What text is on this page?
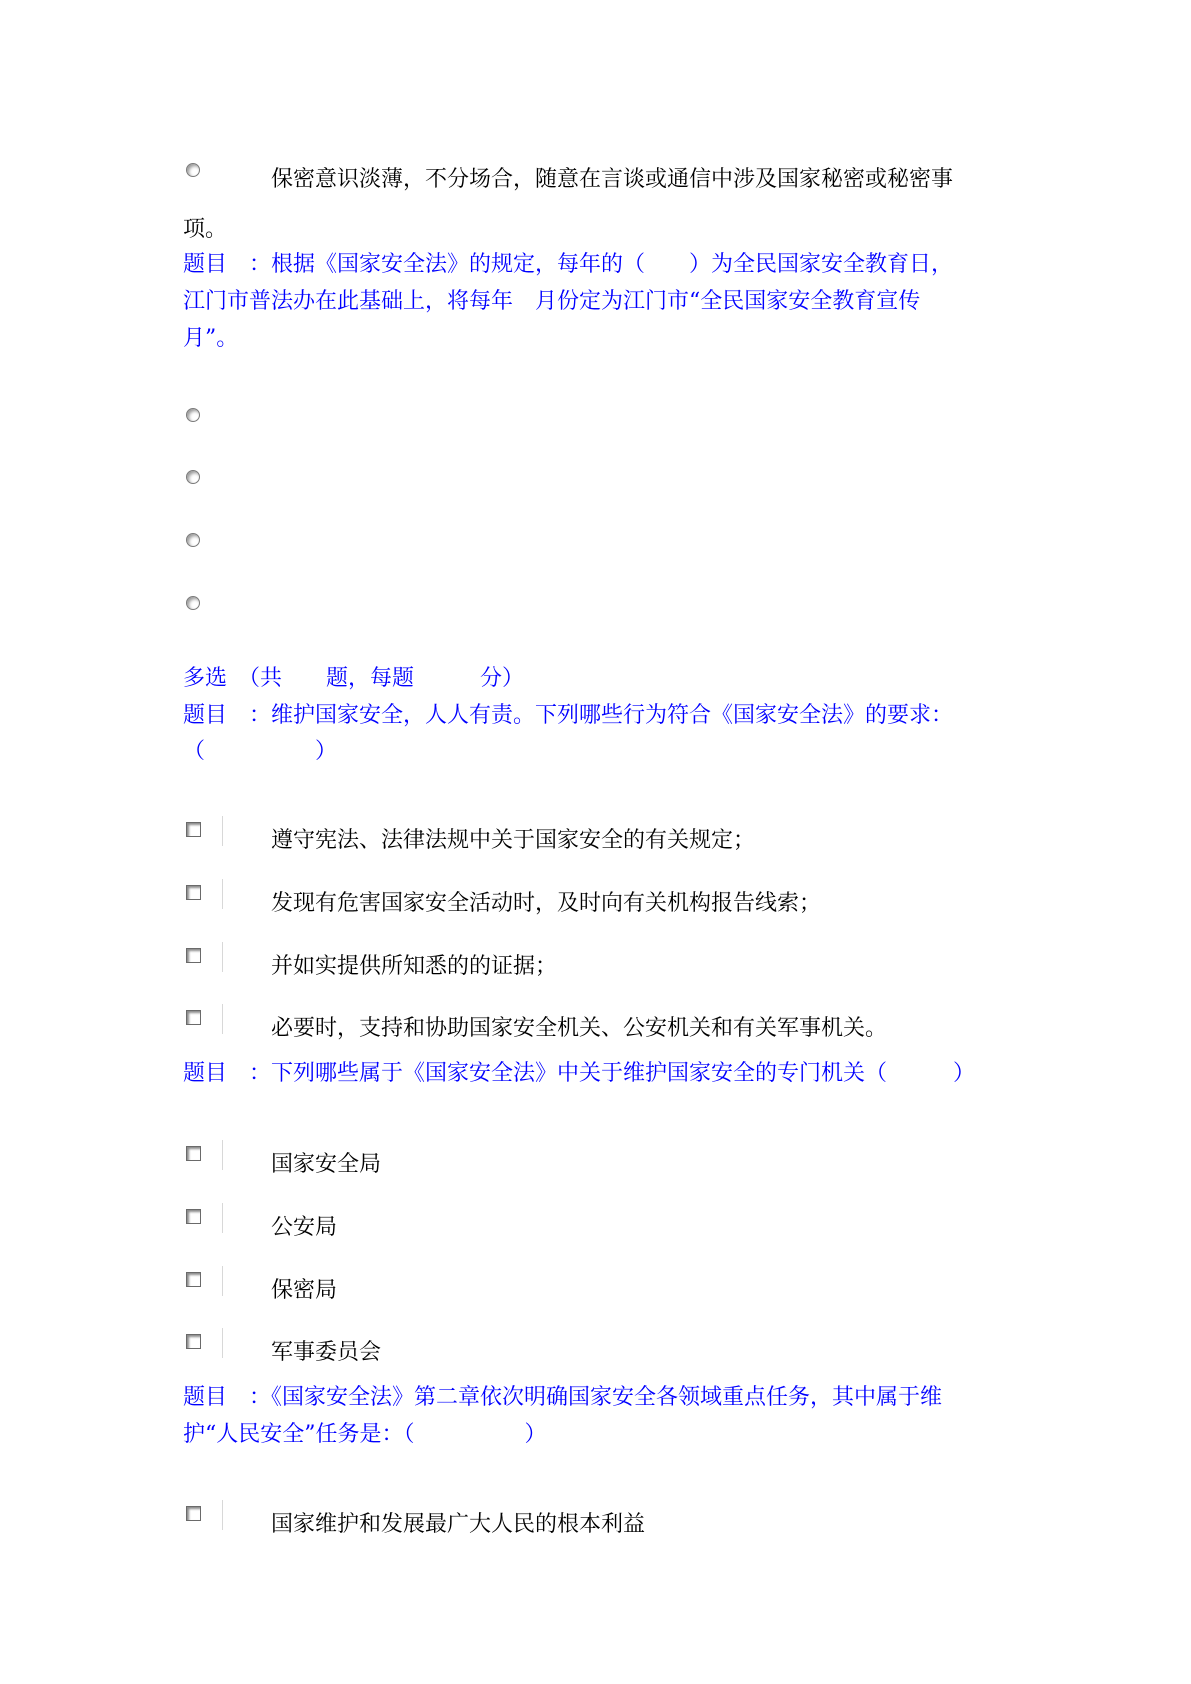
保密意识淡薄，不分场合，随意在言谈或通信中涉及国家秘密或秘密事
项。
题目　：根据《国家安全法》的规定，每年的（　　）为全民国家安全教育日，
江门市普法办在此基础上，将每年　月份定为江门市“全民国家安全教育宣传
月”。
多选　（共　　题，每题　　　分）
题目　：维护国家安全，人人有责。下列哪些行为符合《国家安全法》的要求：
（　　　　　）
遵守宪法、法律法规中关于国家安全的有关规定；
发现有危害国家安全活动时，及时向有关机构报告线索；
并如实提供所知悉的的证据；
必要时，支持和协助国家安全机关、公安机关和有关军事机关。
题目　：下列哪些属于《国家安全法》中关于维护国家安全的专门机关（　　　）
国家安全局
公安局
保密局
军事委员会
题目　：《国家安全法》第二章依次明确国家安全各领域重点任务，其中属于维
护“人民安全”任务是：（　　　　　）
国家维护和发展最广大人民的根本利益
